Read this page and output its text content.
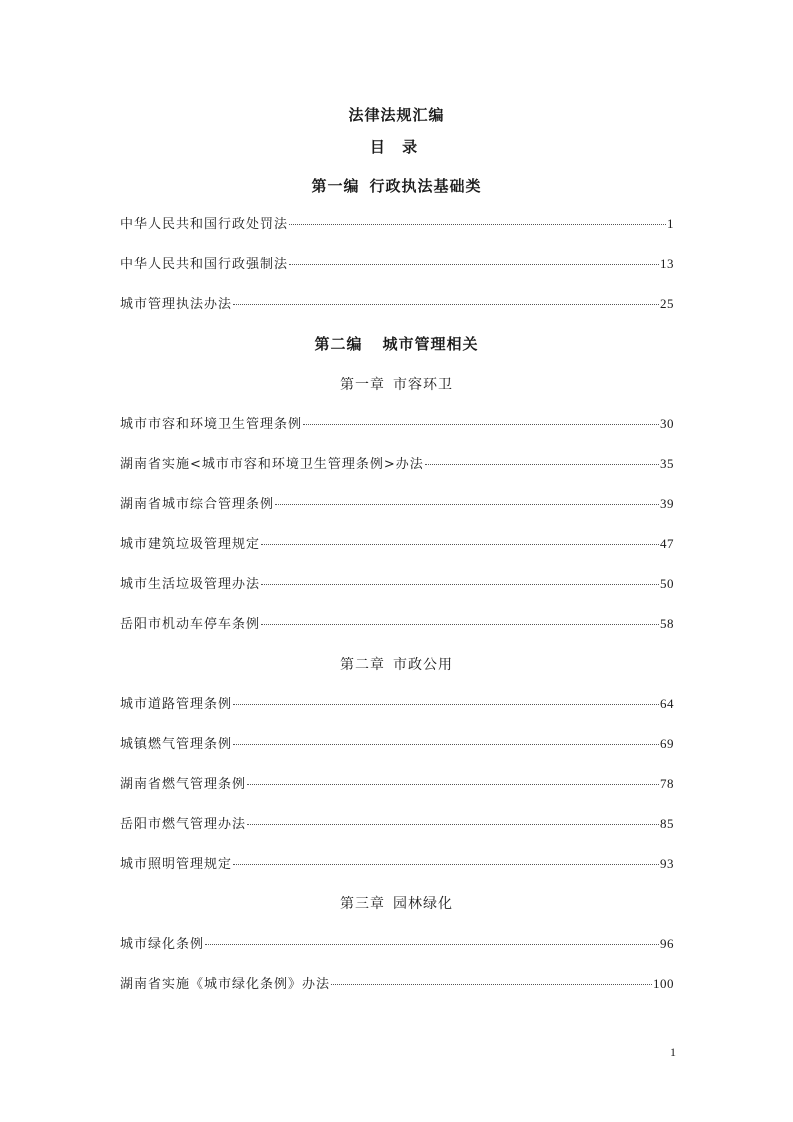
法律法规汇编
目 录
第一编 行政执法基础类
中华人民共和国行政处罚法	1
中华人民共和国行政强制法	13
城市管理执法办法	25
第二编 城市管理相关
第一章 市容环卫
城市市容和环境卫生管理条例	30
湖南省实施<城市市容和环境卫生管理条例>办法	35
湖南省城市综合管理条例	39
城市建筑垃圾管理规定	47
城市生活垃圾管理办法	50
岳阳市机动车停车条例	58
第二章 市政公用
城市道路管理条例	64
城镇燃气管理条例	69
湖南省燃气管理条例	78
岳阳市燃气管理办法	85
城市照明管理规定	93
第三章 园林绿化
城市绿化条例	96
湖南省实施《城市绿化条例》办法	100
1
